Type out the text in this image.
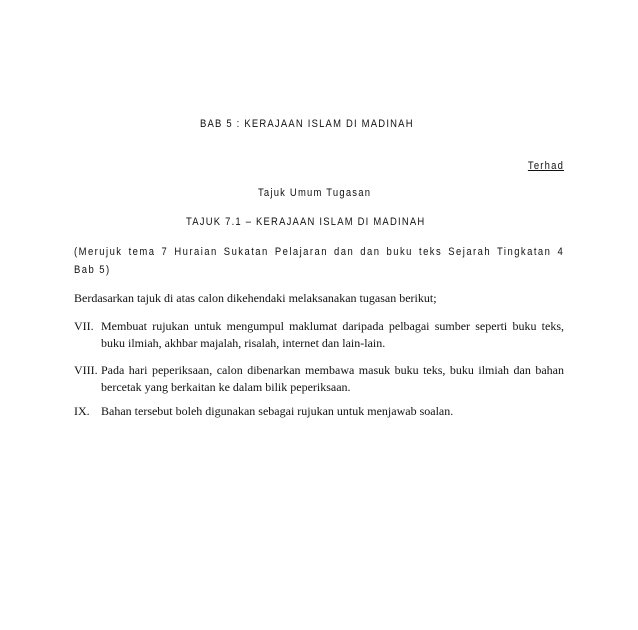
BAB 5 : KERAJAAN ISLAM DI MADINAH
Terhad
Tajuk Umum Tugasan
TAJUK 7.1 – KERAJAAN ISLAM DI MADINAH
(Merujuk tema 7 Huraian Sukatan Pelajaran dan dan buku teks Sejarah Tingkatan 4 Bab 5)
Berdasarkan tajuk di atas calon dikehendaki melaksanakan tugasan berikut;
VII. Membuat rujukan untuk mengumpul maklumat daripada pelbagai sumber seperti buku teks, buku ilmiah, akhbar majalah, risalah, internet dan lain-lain.
VIII. Pada hari peperiksaan, calon dibenarkan membawa masuk buku teks, buku ilmiah dan bahan bercetak yang berkaitan ke dalam bilik peperiksaan.
IX. Bahan tersebut boleh digunakan sebagai rujukan untuk menjawab soalan.
